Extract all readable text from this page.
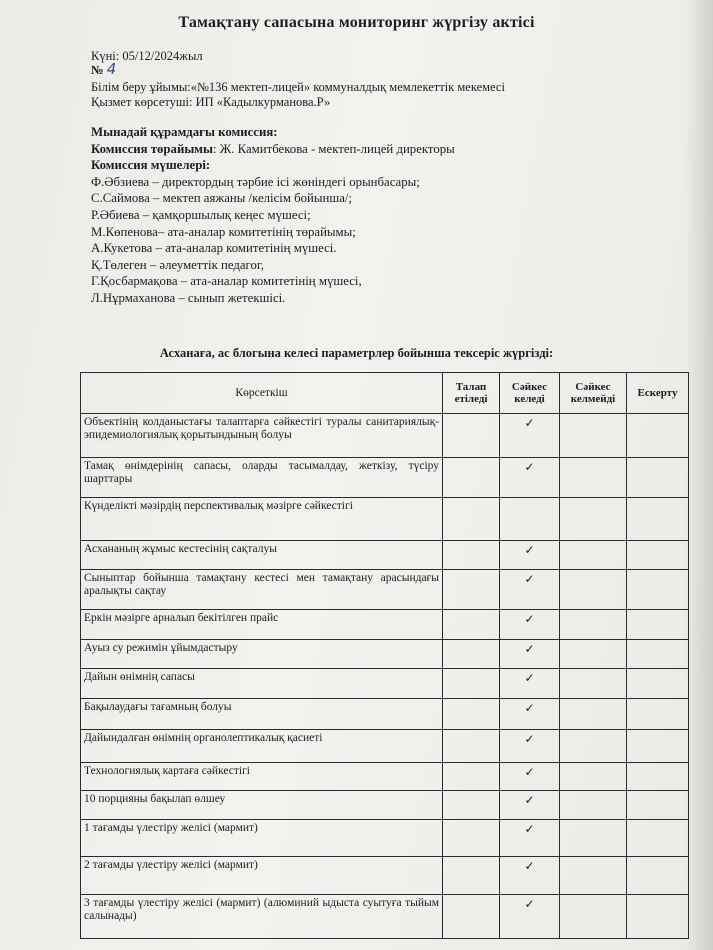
Тамақтану сапасына мониторинг жүргізу актісі
Күні: 05/12/2024жыл
№ 4
Білім беру ұйымы:«№136 мектеп-лицей» коммуналдық мемлекеттік мекемесі
Қызмет көрсетуші: ИП «Кадылкурманова.Р»
Мынадай құрамдағы комиссия:
Комиссия төрайымы: Ж. Камитбекова - мектеп-лицей директоры
Комиссия мүшелері:
Ф.Әбзиева – директордың тәрбие ісі жөніндегі орынбасары;
С.Саймова – мектеп аяжаны /келісім бойынша/;
Р.Әбиева – қамқоршылық кеңес мүшесі;
М.Көпенова– ата-аналар комитетінің төрайымы;
А.Кукетова – ата-аналар комитетінің мүшесі.
Қ.Төлеген – әлеуметтік педагог,
Г.Қосбармақова – ата-аналар комитетінің мүшесі,
Л.Нұрмаханова – сынып жетекшісі.
Асханаға, ас блогына келесі параметрлер бойынша тексеріс жүргізді:
Көрсеткіш	Талап етіледі	Сәйкес келеді	Сәйкес келмейді	Ескерту
Объектінің колданыстағы талаптарға сәйкестігі туралы санитариялық-эпидемиологиялық қорытындының болуы		✓		
Тамақ өнімдерінің сапасы, оларды тасымалдау, жеткізу, түсіру шарттары		✓		
Күнделікті мәзірдің перспективалық мәзірге сәйкестігі				
Асхананың жұмыс кестесінің сақталуы		✓		
Сыныптар бойынша тамақтану кестесі мен тамақтану арасындағы аралықты сақтау		✓		
Еркін мәзірге арналып бекітілген прайс		✓		
Ауыз су режимін ұйымдастыру		✓		
Дайын өнімнің сапасы		✓		
Бақылаудағы тағамның болуы		✓		
Дайындалған өнімнің органолептикалық қасиеті		✓		
Технологиялық картаға сәйкестігі		✓		
10 порцияны бақылап өлшеу		✓		
1 тағамды үлестіру желісі (мармит)		✓		
2 тағамды үлестіру желісі (мармит)		✓		
3 тағамды үлестіру желісі (мармит) (алюминий ыдыста суытуға тыйым салынады)		✓		
